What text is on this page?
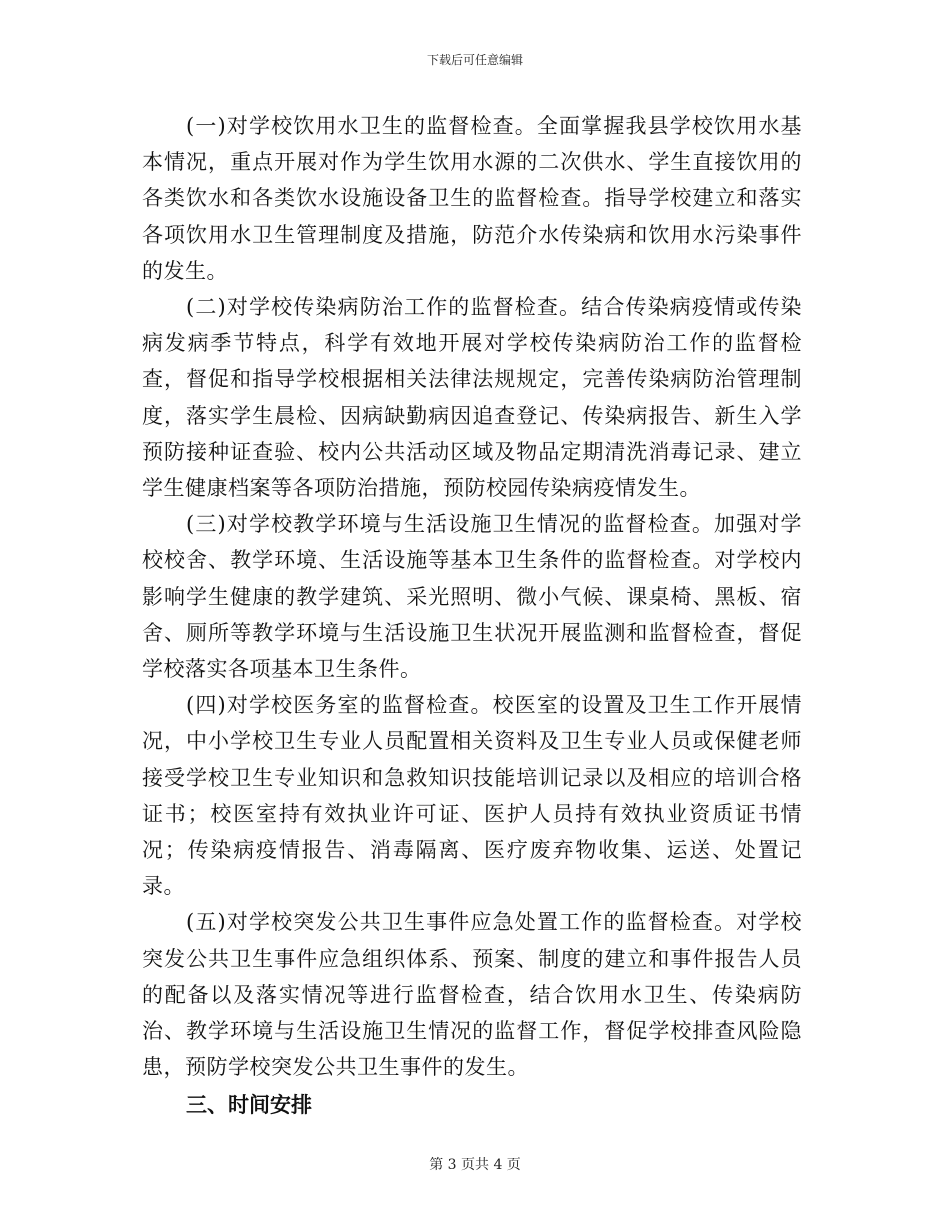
下载后可任意编辑

(一)对学校饮用水卫生的监督检查。全面掌握我县学校饮用水基本情况，重点开展对作为学生饮用水源的二次供水、学生直接饮用的各类饮水和各类饮水设施设备卫生的监督检查。指导学校建立和落实各项饮用水卫生管理制度及措施，防范介水传染病和饮用水污染事件的发生。

(二)对学校传染病防治工作的监督检查。结合传染病疫情或传染病发病季节特点，科学有效地开展对学校传染病防治工作的监督检查，督促和指导学校根据相关法律法规规定，完善传染病防治管理制度，落实学生晨检、因病缺勤病因追查登记、传染病报告、新生入学预防接种证查验、校内公共活动区域及物品定期清洗消毒记录、建立学生健康档案等各项防治措施，预防校园传染病疫情发生。

(三)对学校教学环境与生活设施卫生情况的监督检查。加强对学校校舍、教学环境、生活设施等基本卫生条件的监督检查。对学校内影响学生健康的教学建筑、采光照明、微小气候、课桌椅、黑板、宿舍、厕所等教学环境与生活设施卫生状况开展监测和监督检查，督促学校落实各项基本卫生条件。

(四)对学校医务室的监督检查。校医室的设置及卫生工作开展情况，中小学校卫生专业人员配置相关资料及卫生专业人员或保健老师接受学校卫生专业知识和急救知识技能培训记录以及相应的培训合格证书；校医室持有效执业许可证、医护人员持有效执业资质证书情况；传染病疫情报告、消毒隔离、医疗废弃物收集、运送、处置记录。

(五)对学校突发公共卫生事件应急处置工作的监督检查。对学校突发公共卫生事件应急组织体系、预案、制度的建立和事件报告人员的配备以及落实情况等进行监督检查，结合饮用水卫生、传染病防治、教学环境与生活设施卫生情况的监督工作，督促学校排查风险隐患，预防学校突发公共卫生事件的发生。

三、时间安排

第 3 页共 4 页
